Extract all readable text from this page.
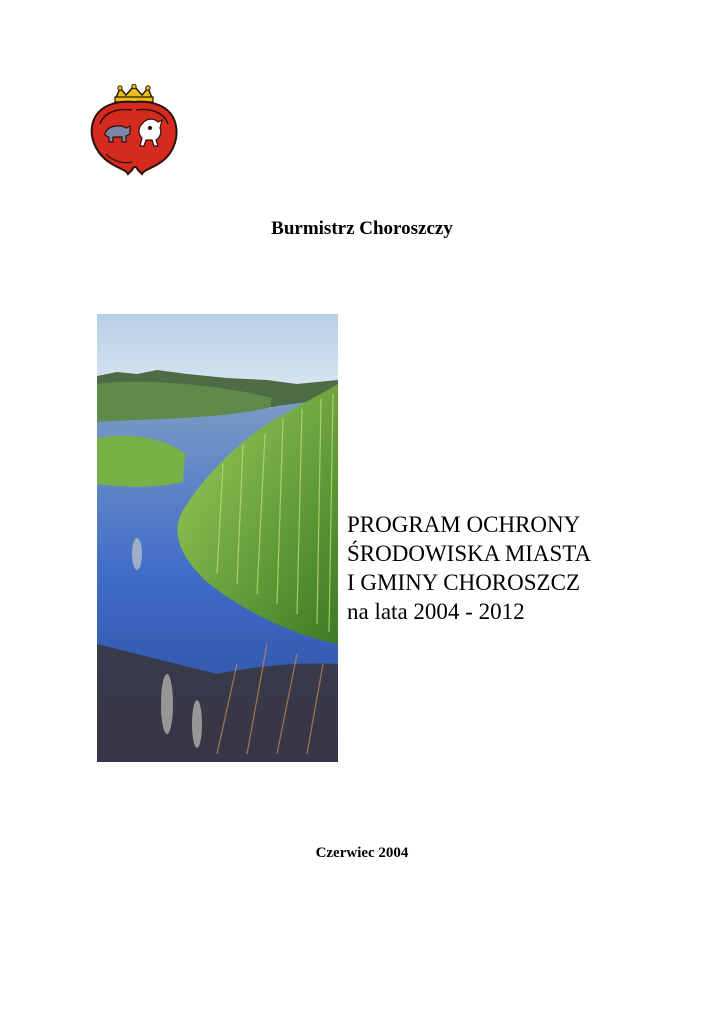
Burmistrz Choroszczy
PROGRAM OCHRONY
ŚRODOWISKA MIASTA
I GMINY CHOROSZCZ
na lata 2004 - 2012
Czerwiec 2004
